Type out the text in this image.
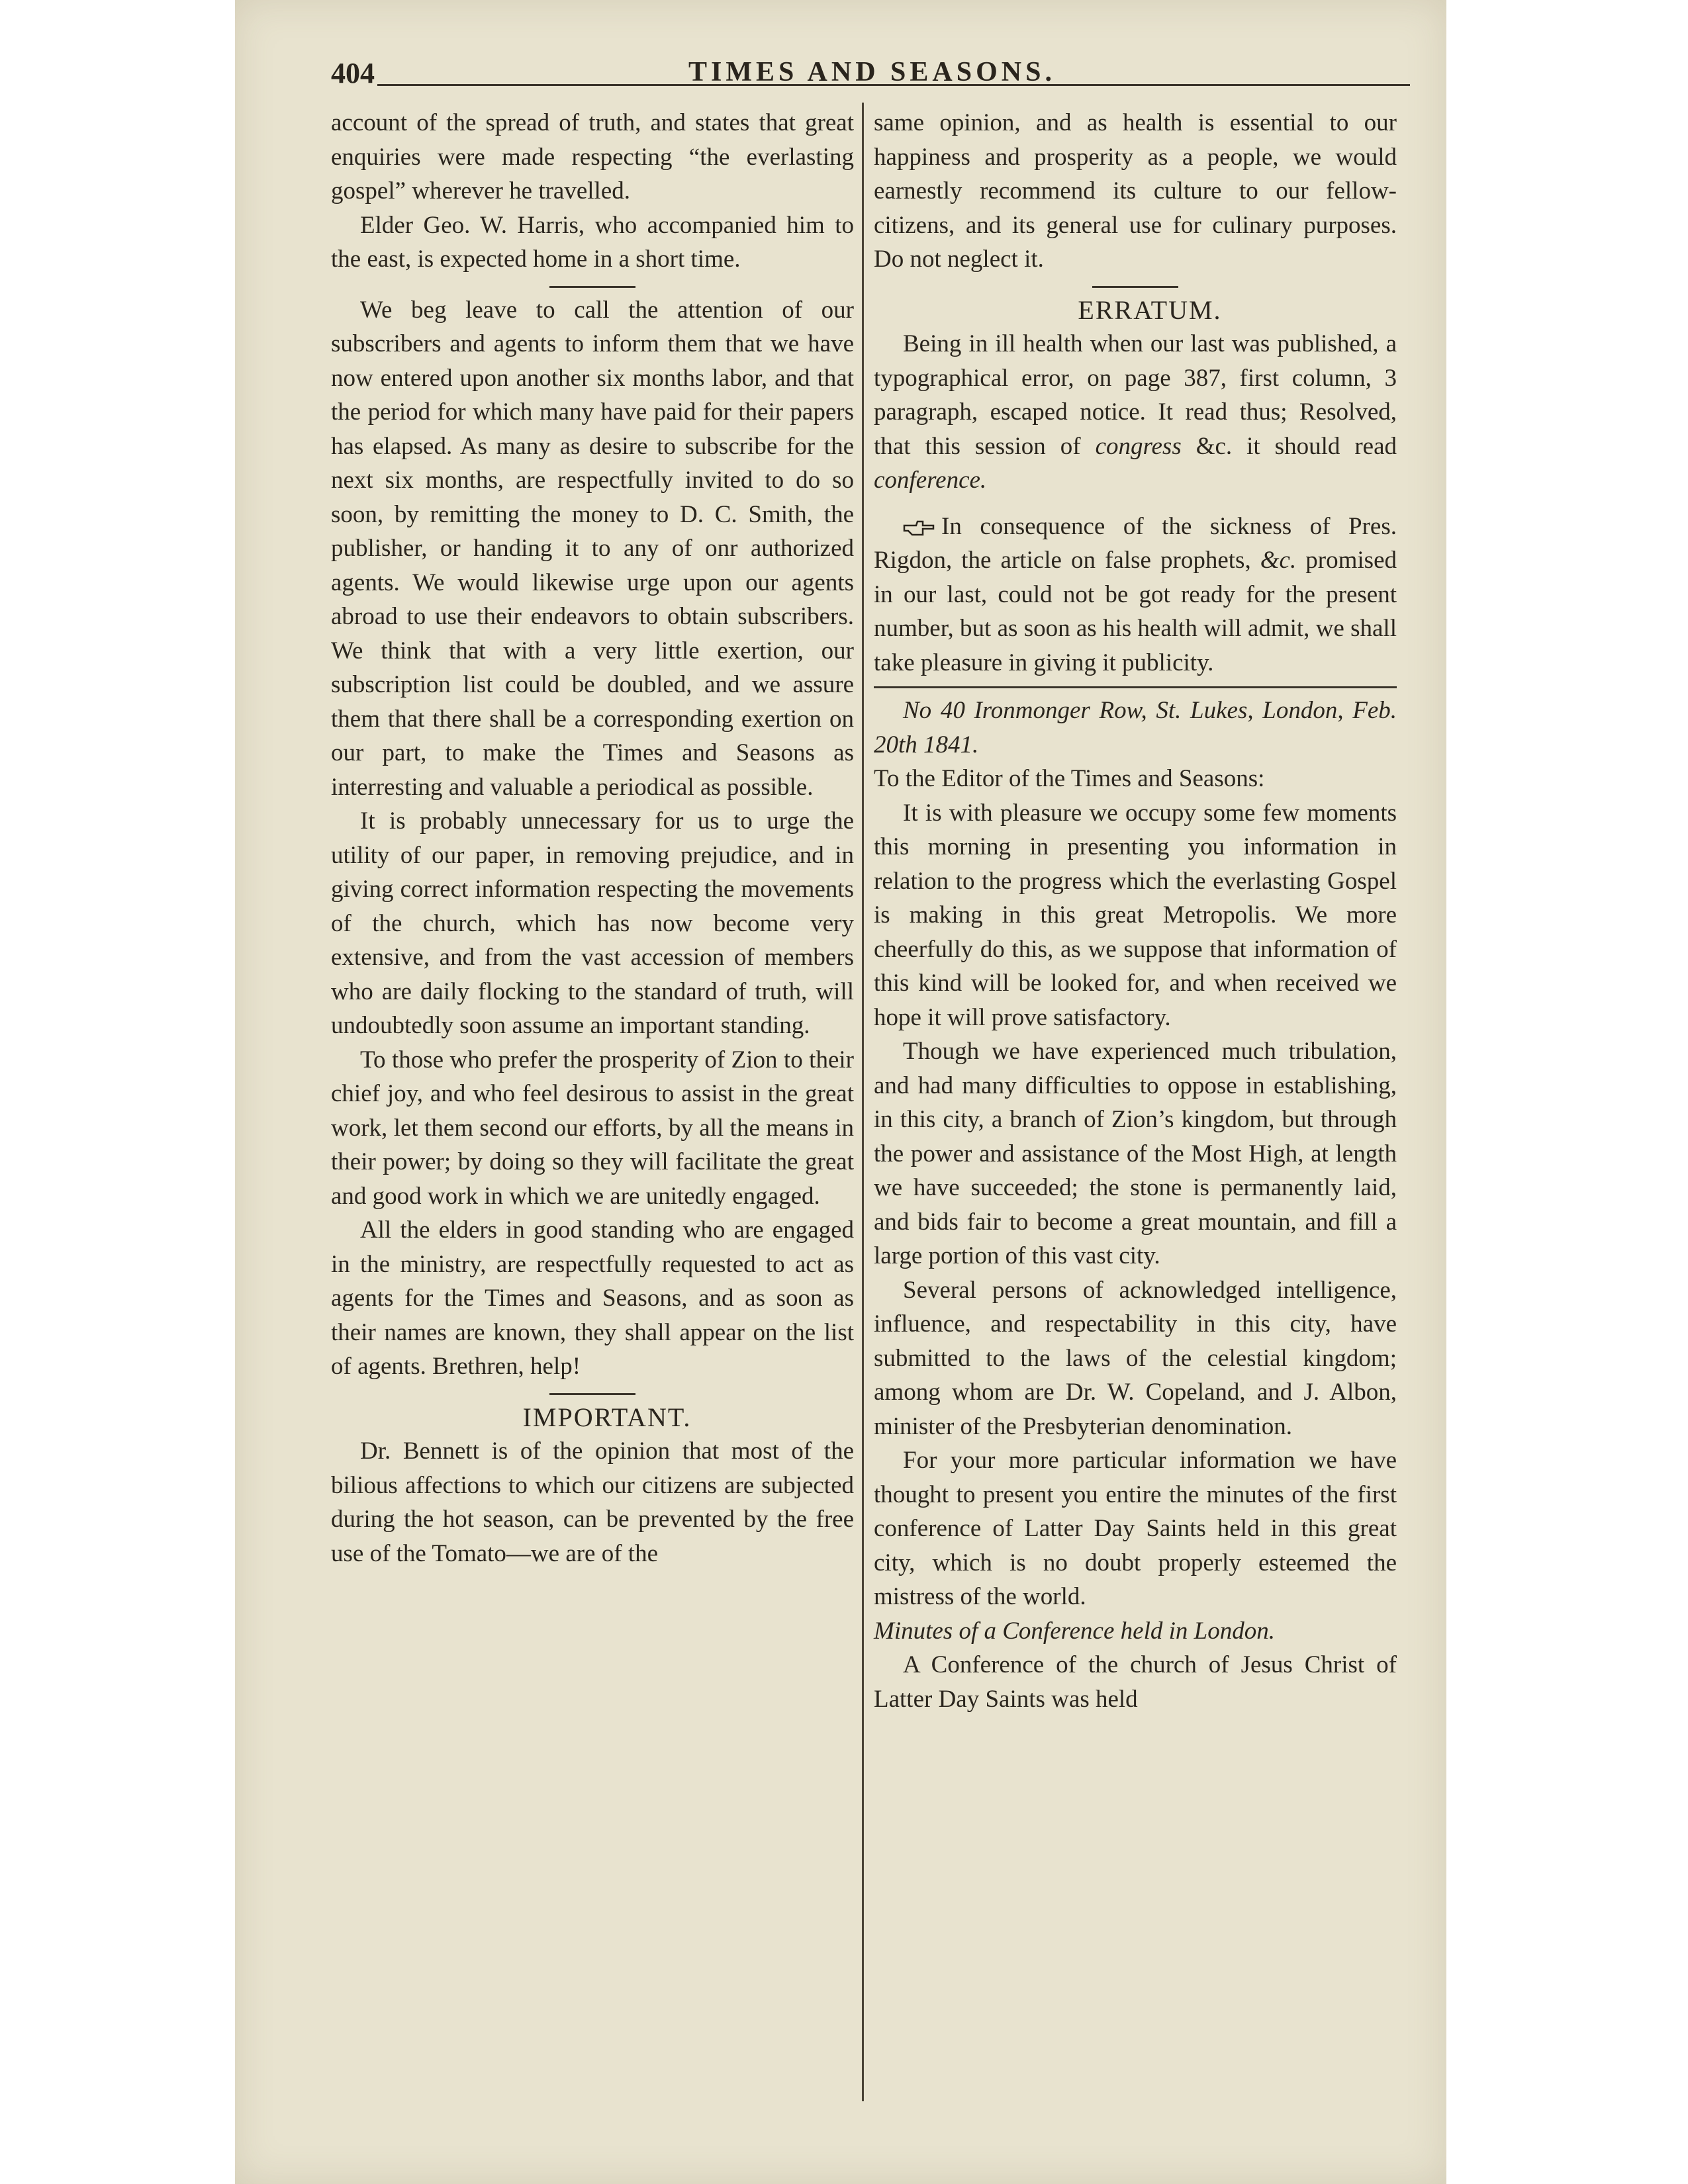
404	TIMES AND SEASONS.

account of the spread of truth, and states that great enquiries were made respecting “the everlasting gospel” wherever he travelled.

Elder Geo. W. Harris, who accompanied him to the east, is expected home in a short time.

We beg leave to call the attention of our subscribers and agents to inform them that we have now entered upon another six months labor, and that the period for which many have paid for their papers has elapsed. As many as desire to subscribe for the next six months, are respectfully invited to do so soon, by remitting the money to D. C. Smith, the publisher, or handing it to any of onr authorized agents. We would likewise urge upon our agents abroad to use their endeavors to obtain subscribers. We think that with a very little exertion, our subscription list could be doubled, and we assure them that there shall be a corresponding exertion on our part, to make the Times and Seasons as interresting and valuable a periodical as possible.

It is probably unnecessary for us to urge the utility of our paper, in removing prejudice, and in giving correct information respecting the movements of the church, which has now become very extensive, and from the vast accession of members who are daily flocking to the standard of truth, will undoubtedly soon assume an important standing.

To those who prefer the prosperity of Zion to their chief joy, and who feel desirous to assist in the great work, let them second our efforts, by all the means in their power; by doing so they will facilitate the great and good work in which we are unitedly engaged.

All the elders in good standing who are engaged in the ministry, are respectfully requested to act as agents for the Times and Seasons, and as soon as their names are known, they shall appear on the list of agents. Brethren, help!

IMPORTANT.

Dr. Bennett is of the opinion that most of the bilious affections to which our citizens are subjected during the hot season, can be prevented by the free use of the Tomato—we are of the

same opinion, and as health is essential to our happiness and prosperity as a people, we would earnestly recommend its culture to our fellow-citizens, and its general use for culinary purposes. Do not neglect it.

ERRATUM.

Being in ill health when our last was published, a typographical error, on page 387, first column, 3 paragraph, escaped notice. It read thus; Resolved, that this session of congress &c. it should read conference.

In consequence of the sickness of Pres. Rigdon, the article on false prophets, &c. promised in our last, could not be got ready for the present number, but as soon as his health will admit, we shall take pleasure in giving it publicity.

No 40 Ironmonger Row, St. Lukes, London, Feb. 20th 1841.

To the Editor of the Times and Seasons:

It is with pleasure we occupy some few moments this morning in presenting you information in relation to the progress which the everlasting Gospel is making in this great Metropolis. We more cheerfully do this, as we suppose that information of this kind will be looked for, and when received we hope it will prove satisfactory.

Though we have experienced much tribulation, and had many difficulties to oppose in establishing, in this city, a branch of Zion’s kingdom, but through the power and assistance of the Most High, at length we have succeeded; the stone is permanently laid, and bids fair to become a great mountain, and fill a large portion of this vast city.

Several persons of acknowledged intelligence, influence, and respectability in this city, have submitted to the laws of the celestial kingdom; among whom are Dr. W. Copeland, and J. Albon, minister of the Presbyterian denomination.

For your more particular information we have thought to present you entire the minutes of the first conference of Latter Day Saints held in this great city, which is no doubt properly esteemed the mistress of the world.

Minutes of a Conference held in London.

A Conference of the church of Jesus Christ of Latter Day Saints was held
